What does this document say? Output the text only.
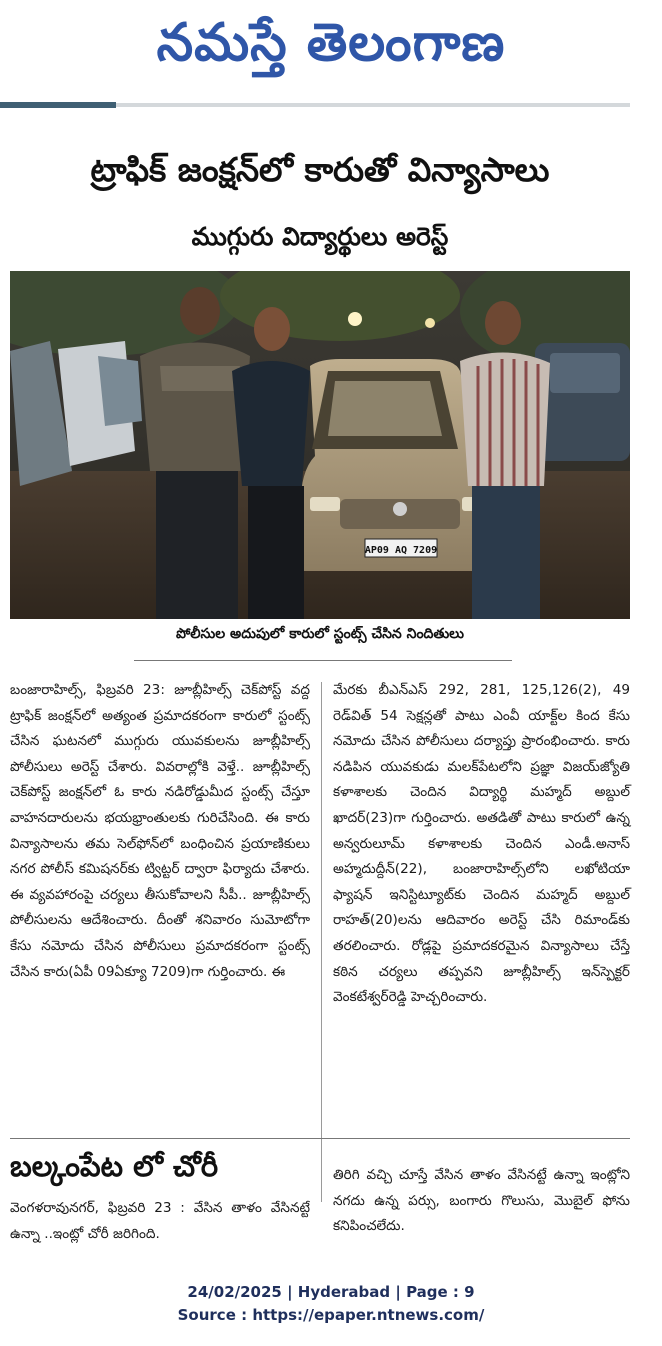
నమస్తే తెలంగాణ
ట్రాఫిక్ జంక్షన్‌లో కారుతో విన్యాసాలు
ముగ్గురు విద్యార్థులు అరెస్ట్
AP09 AQ 7209
పోలీసుల అదుపులో కారులో స్టంట్స్ చేసిన నిందితులు

బంజారాహిల్స్, ఫిబ్రవరి 23: జూబ్లీహిల్స్ చెక్‌పోస్ట్ వద్ద ట్రాఫిక్ జంక్షన్‌లో అత్యంత ప్రమాదకరంగా కారులో స్టంట్స్ చేసిన ఘటనలో ముగ్గురు యువకులను జూబ్లీహిల్స్ పోలీసులు అరెస్ట్ చేశారు. వివరాల్లోకి వెళ్తే.. జూబ్లీహిల్స్ చెక్‌పోస్ట్ జంక్షన్‌లో ఓ కారు నడిరోడ్డుమీద స్టంట్స్ చేస్తూ వాహనదారులను భయభ్రాంతులకు గురిచేసింది. ఈ కారు విన్యాసాలను తమ సెల్‌ఫోన్‌లో బంధించిన ప్రయాణికులు నగర పోలీస్ కమిషనర్‌కు ట్విట్టర్ ద్వారా ఫిర్యాదు చేశారు. ఈ వ్యవహారంపై చర్యలు తీసుకోవాలని సీపీ.. జూబ్లీహిల్స్ పోలీసులను ఆదేశించారు. దీంతో శనివారం సుమోటోగా కేసు నమోదు చేసిన పోలీసులు ప్రమాదకరంగా స్టంట్స్ చేసిన కారు(ఏపీ 09ఏక్యూ 7209)గా గుర్తించారు. ఈ

మేరకు బీఎన్ఎస్ 292, 281, 125,126(2), 49 రెడ్‌విత్ 54 సెక్షన్లతో పాటు ఎంవీ యాక్ట్‌ల కింద కేసు నమోదు చేసిన పోలీసులు దర్యాప్తు ప్రారంభించారు. కారు నడిపిన యువకుడు మలక్‌పేటలోని ప్రజ్ఞా విజయ్‌జ్యోతి కళాశాలకు చెందిన విద్యార్థి మహ్మద్ అబ్దుల్ ఖాదర్(23)గా గుర్తించారు. అతడితో పాటు కారులో ఉన్న అన్వరులూమ్ కళాశాలకు చెందిన ఎండీ.అనాస్ అహ్మదుద్దీన్(22), బంజారాహిల్స్‌లోని లఖోటియా ఫ్యాషన్ ఇనిస్టిట్యూట్‌కు చెందిన మహ్మద్ అబ్దుల్ రాహత్(20)లను ఆదివారం అరెస్ట్ చేసి రిమాండ్‌కు తరలించారు. రోడ్లపై ప్రమాదకరమైన విన్యాసాలు చేస్తే కఠిన చర్యలు తప్పవని జూబ్లీహిల్స్ ఇన్‌స్పెక్టర్ వెంకటేశ్వర్‌రెడ్డి హెచ్చరించారు.

బల్కంపేట లో చోరీ
వెంగళరావునగర్, ఫిబ్రవరి 23 : వేసిన తాళం వేసినట్టే ఉన్నా ..ఇంట్లో చోరీ జరిగింది.
తిరిగి వచ్చి చూస్తే వేసిన తాళం వేసినట్టే ఉన్నా ఇంట్లోని నగదు ఉన్న పర్సు, బంగారు గొలుసు, మొబైల్ ఫోను కనిపించలేదు.
24/02/2025 | Hyderabad | Page : 9
Source : https://epaper.ntnews.com/
